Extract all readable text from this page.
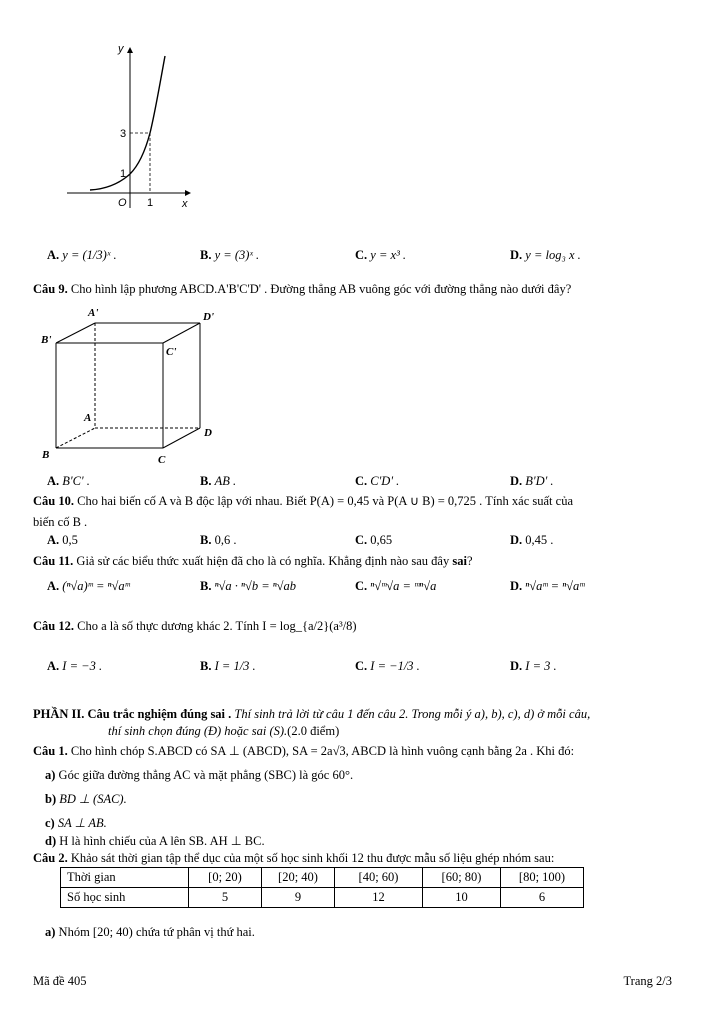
y
x
O 1
1
3
A. y = (1/3)ˣ .	B. y = (3)ˣ .	C. y = x³ .	D. y = log₃ x .
Câu 9. Cho hình lập phương ABCD.A'B'C'D' . Đường thẳng AB vuông góc với đường thẳng nào dưới đây?
A'	D'
B'
C'
A
D
B	C
A. B'C' .	B. AB .	C. C'D' .	D. B'D' .
Câu 10. Cho hai biến cố A và B độc lập với nhau. Biết P(A) = 0,45 và P(A ∪ B) = 0,725 . Tính xác suất của
biến cố B .
A. 0,5	B. 0,6 .	C. 0,65	D. 0,45 .
Câu 11. Giả sử các biểu thức xuất hiện đã cho là có nghĩa. Khẳng định nào sau đây sai?
A. (ⁿ√a)ᵐ = ⁿ√aᵐ	B. ⁿ√a · ⁿ√b = ⁿ√ab	C. ⁿ√ᵐ√a = ᵐⁿ√a	D. ⁿ√aᵐ = ⁿ√aᵐ
Câu 12. Cho a là số thực dương khác 2. Tính I = log_{a/2}(a³/8)
A. I = −3 .	B. I = 1/3 .	C. I = −1/3 .	D. I = 3 .
PHẦN II. Câu trắc nghiệm đúng sai . Thí sinh trả lời từ câu 1 đến câu 2. Trong mỗi ý a), b), c), d) ở mỗi câu,
thí sinh chọn đúng (Đ) hoặc sai (S).(2.0 điểm)
Câu 1. Cho hình chóp S.ABCD có SA ⊥ (ABCD), SA = 2a√3, ABCD là hình vuông cạnh bằng 2a . Khi đó:
a) Góc giữa đường thẳng AC và mặt phẳng (SBC) là góc 60°.
b) BD ⊥ (SAC).
c) SA ⊥ AB.
d) H là hình chiếu của A lên SB. AH ⊥ BC.
Câu 2. Khảo sát thời gian tập thể dục của một số học sinh khối 12 thu được mẫu số liệu ghép nhóm sau:
Thời gian	[0; 20)	[20; 40)	[40; 60)	[60; 80)	[80; 100)
Số học sinh	5	9	12	10	6
a) Nhóm [20; 40) chứa tứ phân vị thứ hai.
Mã đề 405	Trang 2/3
